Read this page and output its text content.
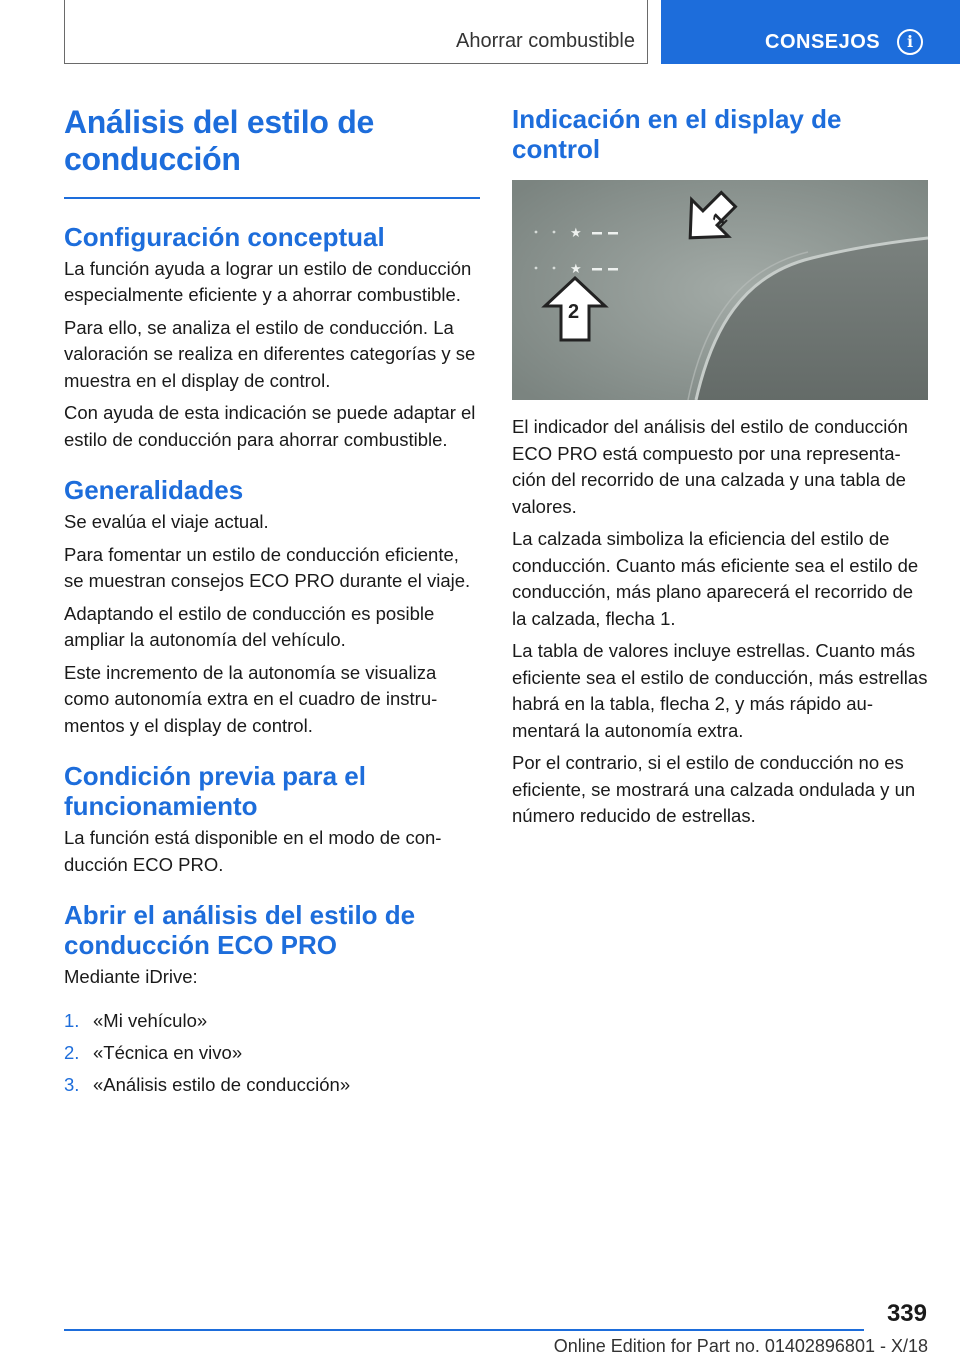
Ahorrar combustible	CONSEJOS	i
Análisis del estilo de conducción
Configuración conceptual

La función ayuda a lograr un estilo de conducción especialmente eficiente y a ahorrar combustible.

Para ello, se analiza el estilo de conducción. La valoración se realiza en diferentes categorías y se muestra en el display de control.

Con ayuda de esta indicación se puede adaptar el estilo de conducción para ahorrar combustible.

Generalidades

Se evalúa el viaje actual.

Para fomentar un estilo de conducción eficiente, se muestran consejos ECO PRO durante el viaje.

Adaptando el estilo de conducción es posible ampliar la autonomía del vehículo.

Este incremento de la autonomía se visualiza como autonomía extra en el cuadro de instrumentos y el display de control.

Condición previa para el funcionamiento

La función está disponible en el modo de conducción ECO PRO.

Abrir el análisis del estilo de conducción ECO PRO

Mediante iDrive:

1. «Mi vehículo»
2. «Técnica en vivo»
3. «Análisis estilo de conducción»
Indicación en el display de control
★
★
1
2

El indicador del análisis del estilo de conducción ECO PRO está compuesto por una representación del recorrido de una calzada y una tabla de valores.

La calzada simboliza la eficiencia del estilo de conducción. Cuanto más eficiente sea el estilo de conducción, más plano aparecerá el recorrido de la calzada, flecha 1.

La tabla de valores incluye estrellas. Cuanto más eficiente sea el estilo de conducción, más estrellas habrá en la tabla, flecha 2, y más rápido aumentará la autonomía extra.

Por el contrario, si el estilo de conducción no es eficiente, se mostrará una calzada ondulada y un número reducido de estrellas.

339
Online Edition for Part no. 01402896801 - X/18
